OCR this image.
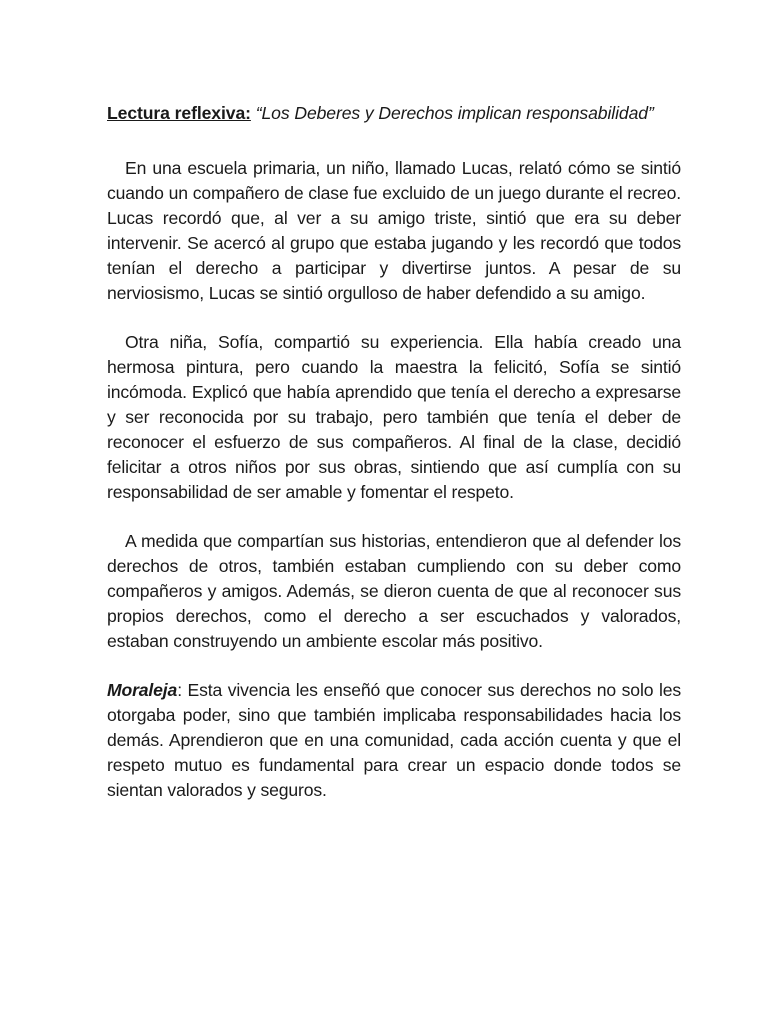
Lectura reflexiva: “Los Deberes y Derechos implican responsabilidad”

En una escuela primaria, un niño, llamado Lucas, relató cómo se sintió cuando un compañero de clase fue excluido de un juego durante el recreo. Lucas recordó que, al ver a su amigo triste, sintió que era su deber intervenir. Se acercó al grupo que estaba jugando y les recordó que todos tenían el derecho a participar y divertirse juntos. A pesar de su nerviosismo, Lucas se sintió orgulloso de haber defendido a su amigo.

Otra niña, Sofía, compartió su experiencia. Ella había creado una hermosa pintura, pero cuando la maestra la felicitó, Sofía se sintió incómoda. Explicó que había aprendido que tenía el derecho a expresarse y ser reconocida por su trabajo, pero también que tenía el deber de reconocer el esfuerzo de sus compañeros. Al final de la clase, decidió felicitar a otros niños por sus obras, sintiendo que así cumplía con su responsabilidad de ser amable y fomentar el respeto.

A medida que compartían sus historias, entendieron que al defender los derechos de otros, también estaban cumpliendo con su deber como compañeros y amigos. Además, se dieron cuenta de que al reconocer sus propios derechos, como el derecho a ser escuchados y valorados, estaban construyendo un ambiente escolar más positivo.

Moraleja: Esta vivencia les enseñó que conocer sus derechos no solo les otorgaba poder, sino que también implicaba responsabilidades hacia los demás. Aprendieron que en una comunidad, cada acción cuenta y que el respeto mutuo es fundamental para crear un espacio donde todos se sientan valorados y seguros.
